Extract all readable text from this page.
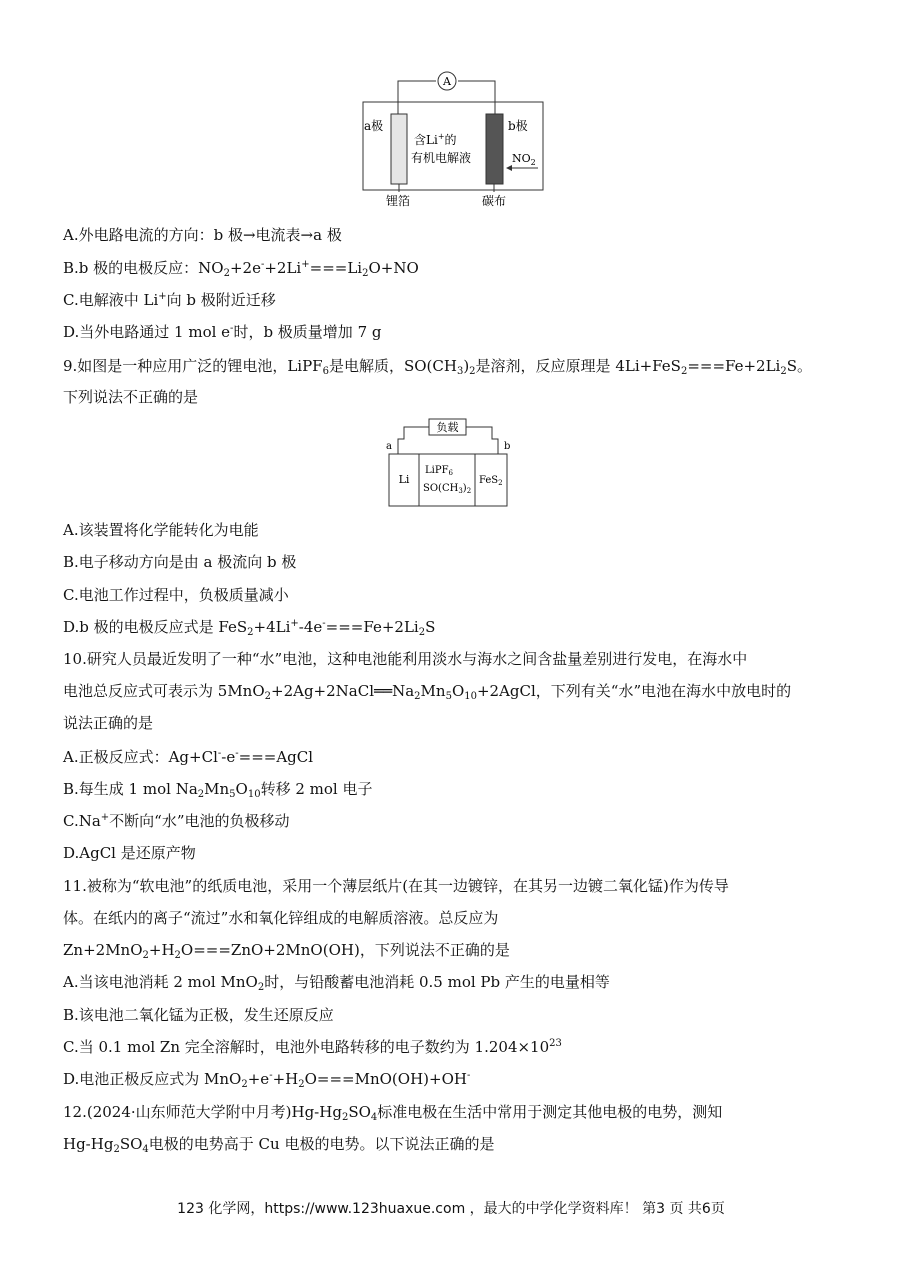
A
a极	b极
含Li+的
有机电解液	$NO_2$
锂箔	碳布
A.外电路电流的方向：b 极→电流表→a 极
B.b 极的电极反应：$NO_2+2e^-+2Li^+===Li_2O+NO$
C.电解液中 Li+向 b 极附近迁移
D.当外电路通过 1 mol e-时，b 极质量增加 7 g
9.如图是一种应用广泛的锂电池，LiPF$_6$是电解质，$SO(CH_3)_2$是溶剂，反应原理是 $4Li+FeS_2===Fe+2Li_2S$。
下列说法不正确的是
负载
a	b
Li
LiPF$_6$
$SO(CH_3)_2$
FeS$_2$
A.该装置将化学能转化为电能
B.电子移动方向是由 a 极流向 b 极
C.电池工作过程中，负极质量减小
D.b 极的电极反应式是 $FeS_2+4Li^+-4e^-===Fe+2Li_2S$
10.研究人员最近发明了一种“水”电池，这种电池能利用淡水与海水之间含盐量差别进行发电，在海水中
电池总反应式可表示为 $5MnO_2+2Ag+2NaCl══Na_2Mn_5O_{10}+2AgCl$，下列有关“水”电池在海水中放电时的
说法正确的是
A.正极反应式：Ag+Cl--e-===AgCl
B.每生成 1 mol $Na_2Mn_5O_{10}$转移 2 mol 电子
C.Na+不断向“水”电池的负极移动
D.AgCl 是还原产物
11.被称为“软电池”的纸质电池，采用一个薄层纸片(在其一边镀锌，在其另一边镀二氧化锰)作为传导
体。在纸内的离子“流过”水和氧化锌组成的电解质溶液。总反应为
$Zn+2MnO_2+H_2O===ZnO+2MnO(OH)$，下列说法不正确的是
A.当该电池消耗 2 mol MnO$_2$时，与铅酸蓄电池消耗 0.5 mol Pb 产生的电量相等
B.该电池二氧化锰为正极，发生还原反应
C.当 0.1 mol Zn 完全溶解时，电池外电路转移的电子数约为 $1.204\times 10^{23}$
D.电池正极反应式为 $MnO_2+e^-+H_2O===MnO(OH)+OH^-$
12.(2024·山东师范大学附中月考)$Hg-Hg_2SO_4$标准电极在生活中常用于测定其他电极的电势，测知
$Hg-Hg_2SO_4$电极的电势高于 Cu 电极的电势。以下说法正确的是
123 化学网，https://www.123huaxue.com ，最大的中学化学资料库！ 第3 页 共6页
